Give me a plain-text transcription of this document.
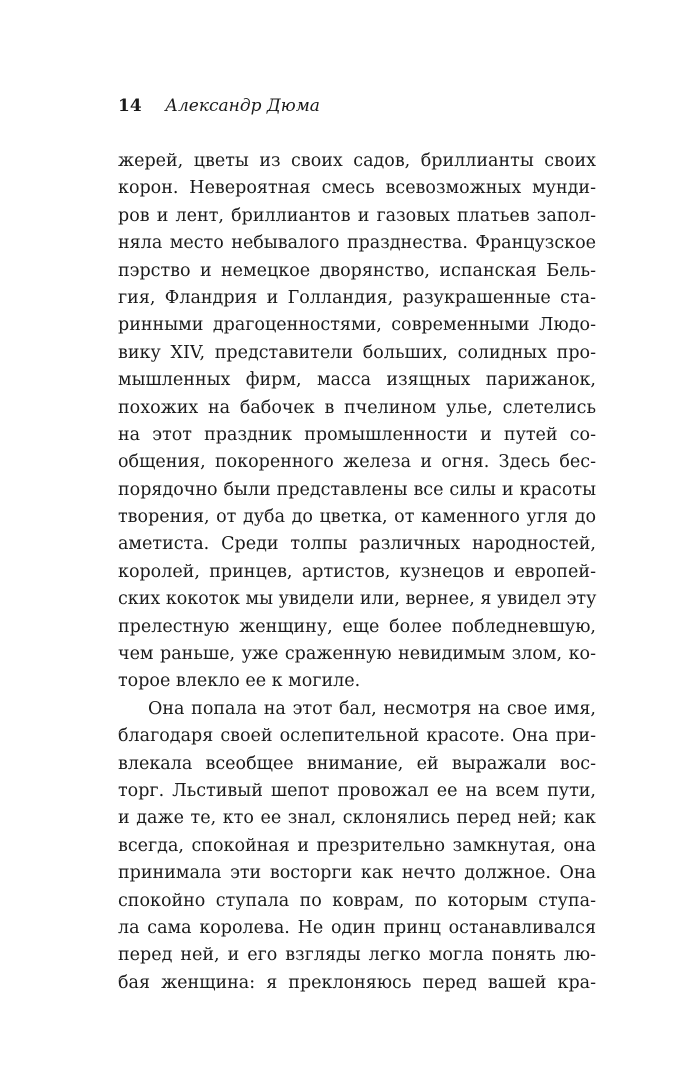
14 Александр Дюма
жерей, цветы из своих садов, бриллианты своих
корон. Невероятная смесь всевозможных мунди-
ров и лент, бриллиантов и газовых платьев запол-
няла место небывалого празднества. Французское
пэрство и немецкое дворянство, испанская Бель-
гия, Фландрия и Голландия, разукрашенные ста-
ринными драгоценностями, современными Людо-
вику XIV, представители больших, солидных про-
мышленных фирм, масса изящных парижанок,
похожих на бабочек в пчелином улье, слетелись
на этот праздник промышленности и путей со-
общения, покоренного железа и огня. Здесь бес-
порядочно были представлены все силы и красоты
творения, от дуба до цветка, от каменного угля до
аметиста. Среди толпы различных народностей,
королей, принцев, артистов, кузнецов и европей-
ских кокоток мы увидели или, вернее, я увидел эту
прелестную женщину, еще более побледневшую,
чем раньше, уже сраженную невидимым злом, ко-
торое влекло ее к могиле.
Она попала на этот бал, несмотря на свое имя,
благодаря своей ослепительной красоте. Она при-
влекала всеобщее внимание, ей выражали вос-
торг. Льстивый шепот провожал ее на всем пути,
и даже те, кто ее знал, склонялись перед ней; как
всегда, спокойная и презрительно замкнутая, она
принимала эти восторги как нечто должное. Она
спокойно ступала по коврам, по которым ступа-
ла сама королева. Не один принц останавливался
перед ней, и его взгляды легко могла понять лю-
бая женщина: я преклоняюсь перед вашей кра-
